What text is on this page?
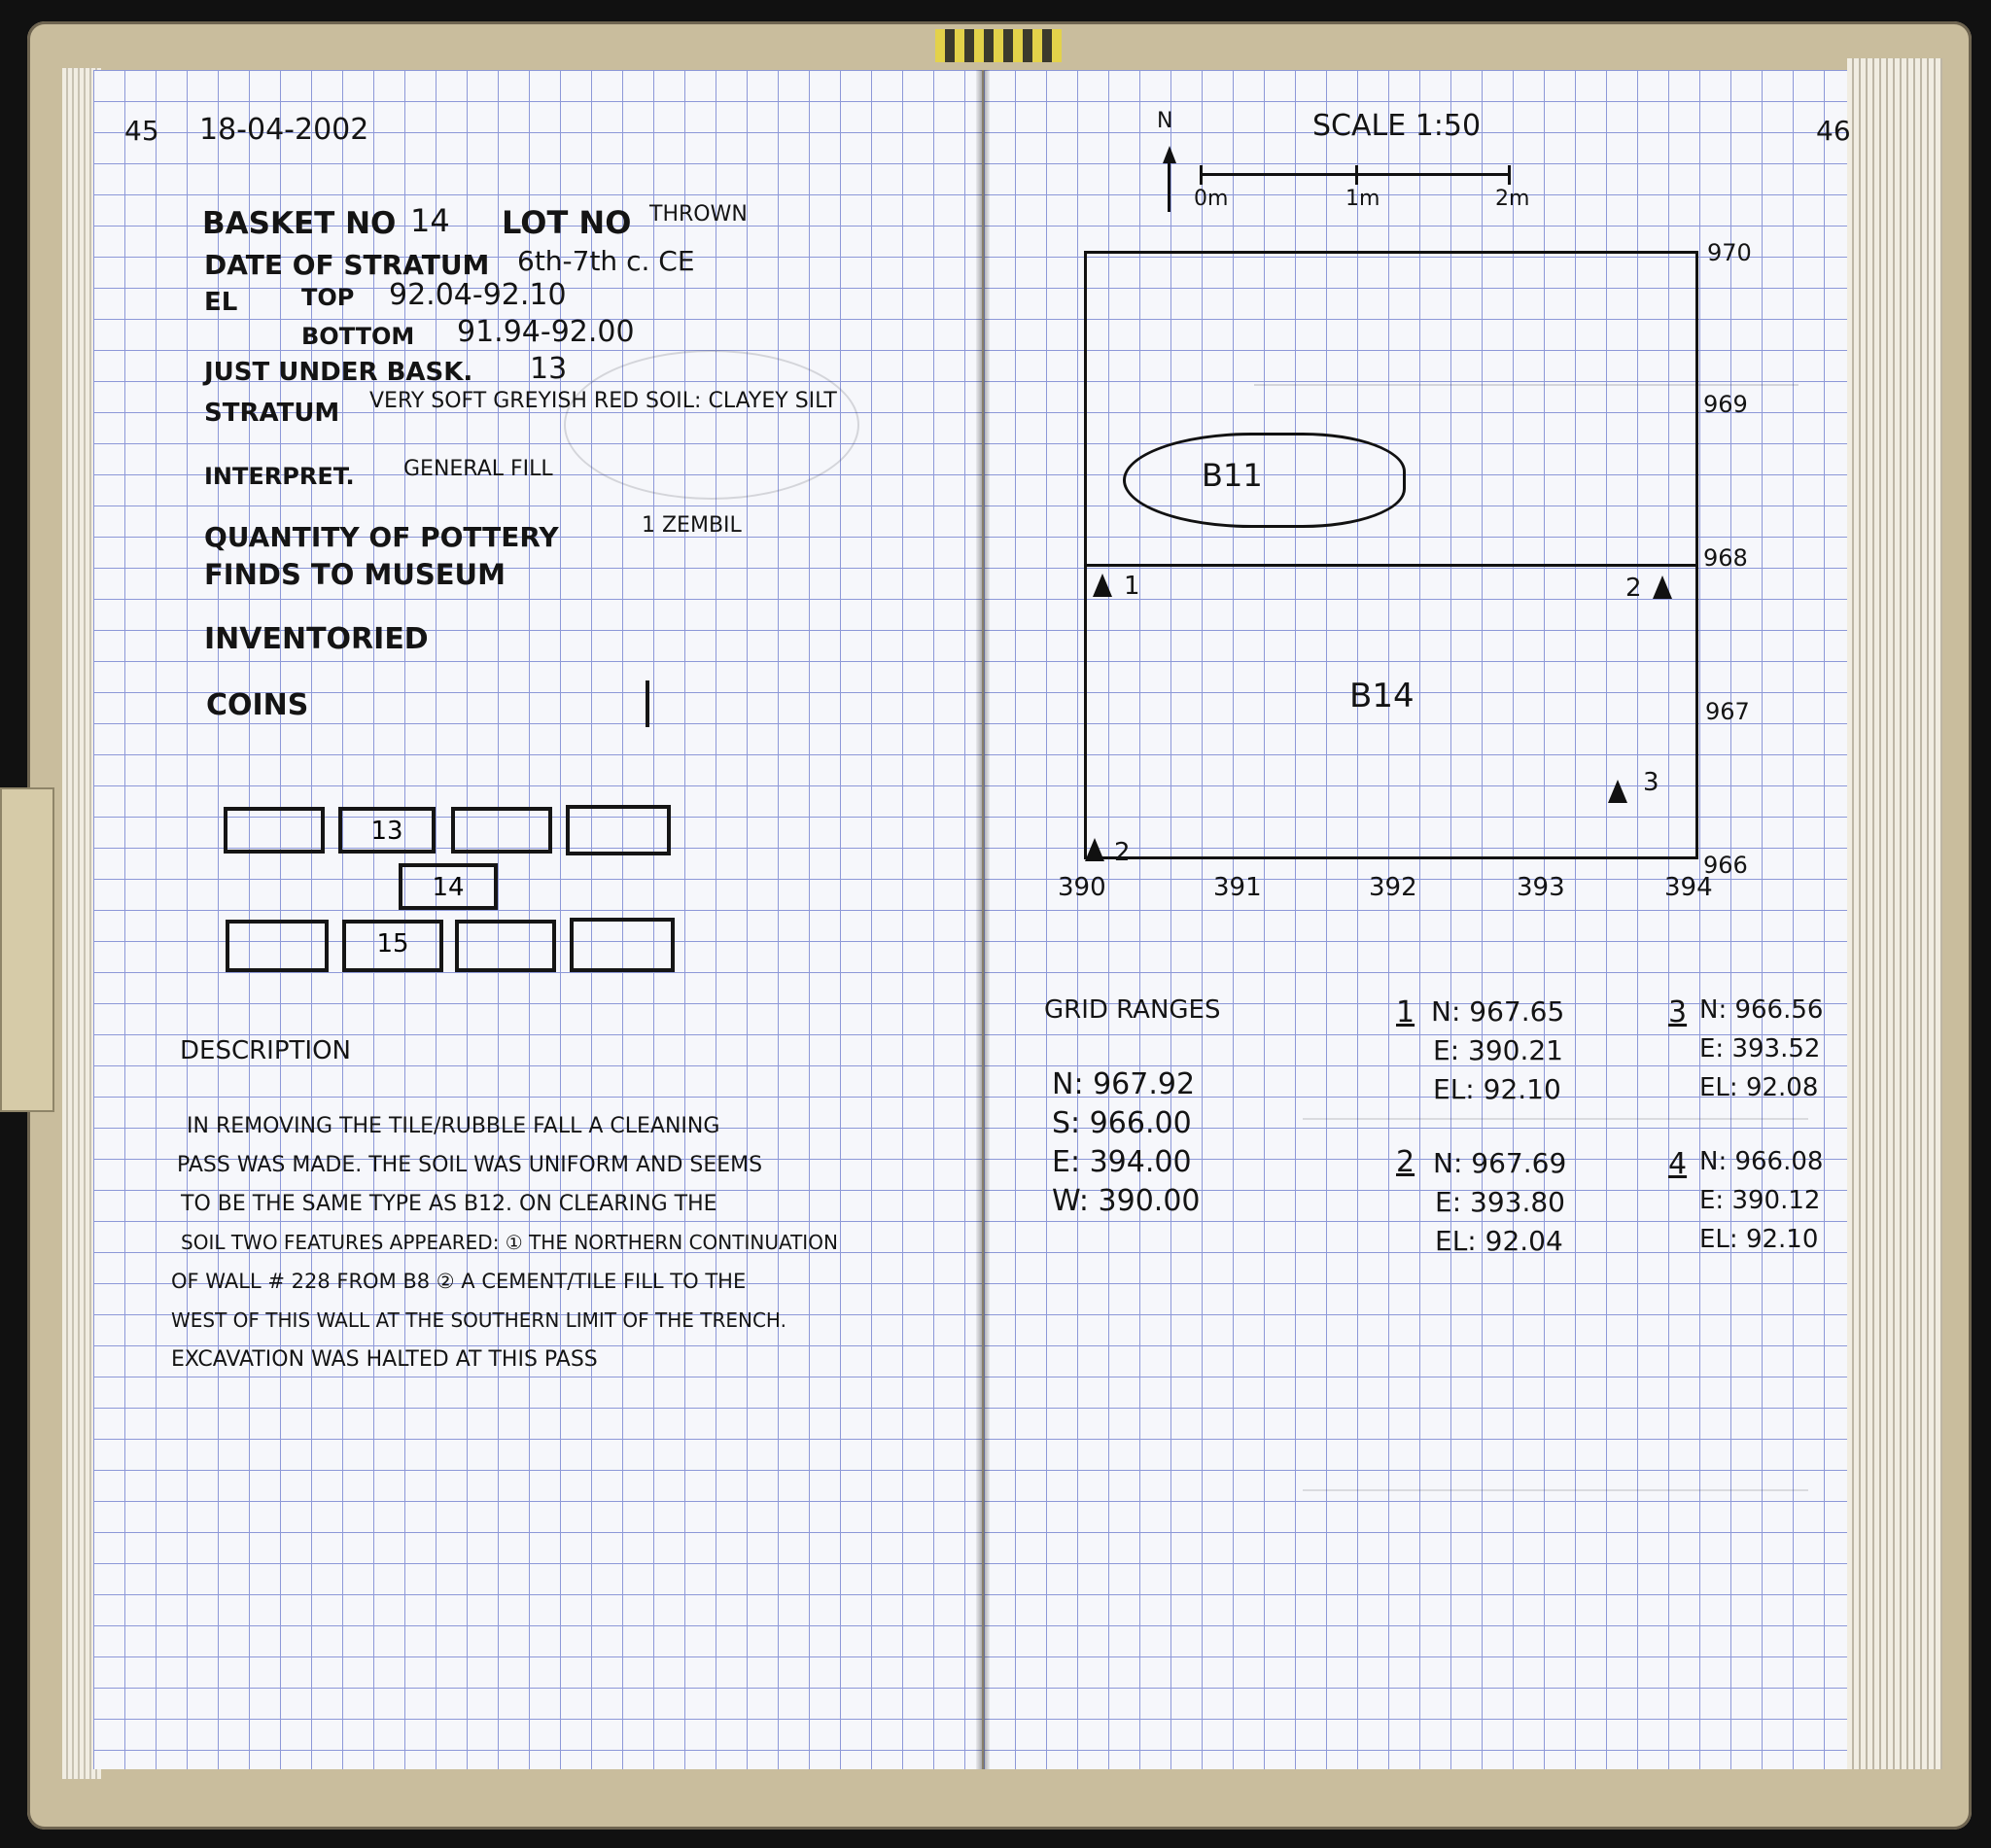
45 18-04-2002
BASKET NO 14 LOT NO THROWN
DATE OF STRATUM 6th-7th c. CE
EL	TOP 92.04-92.10
BOTTOM 91.94-92.00
JUST UNDER BASK. 13
STRATUM VERY SOFT GREYISH RED SOIL: CLAYEY SILT
INTERPRET. GENERAL FILL
QUANTITY OF POTTERY	1 ZEMBIL
FINDS TO MUSEUM
INVENTORIED
COINS
13
14
15
DESCRIPTION
IN REMOVING THE TILE/RUBBLE FALL A CLEANING
PASS WAS MADE. THE SOIL WAS UNIFORM AND SEEMS
TO BE THE SAME TYPE AS B12. ON CLEARING THE
SOIL TWO FEATURES APPEARED: ① THE NORTHERN CONTINUATION
OF WALL # 228 FROM B8 ② A CEMENT/TILE FILL TO THE
WEST OF THIS WALL AT THE SOUTHERN LIMIT OF THE TRENCH.
EXCAVATION WAS HALTED AT THIS PASS
46
N	SCALE 1:50
0m	1m	2m
B11
B14
390	391	392	393	394
970
969
968
967
966
1	2
3
2
GRID RANGES
N: 967.92
S: 966.00
E: 394.00
W: 390.00
1 N: 967.65
E: 390.21
EL: 92.10
2 N: 967.69
E: 393.80
EL: 92.04
3 N: 966.56
E: 393.52
EL: 92.08
4 N: 966.08
E: 390.12
EL: 92.10
